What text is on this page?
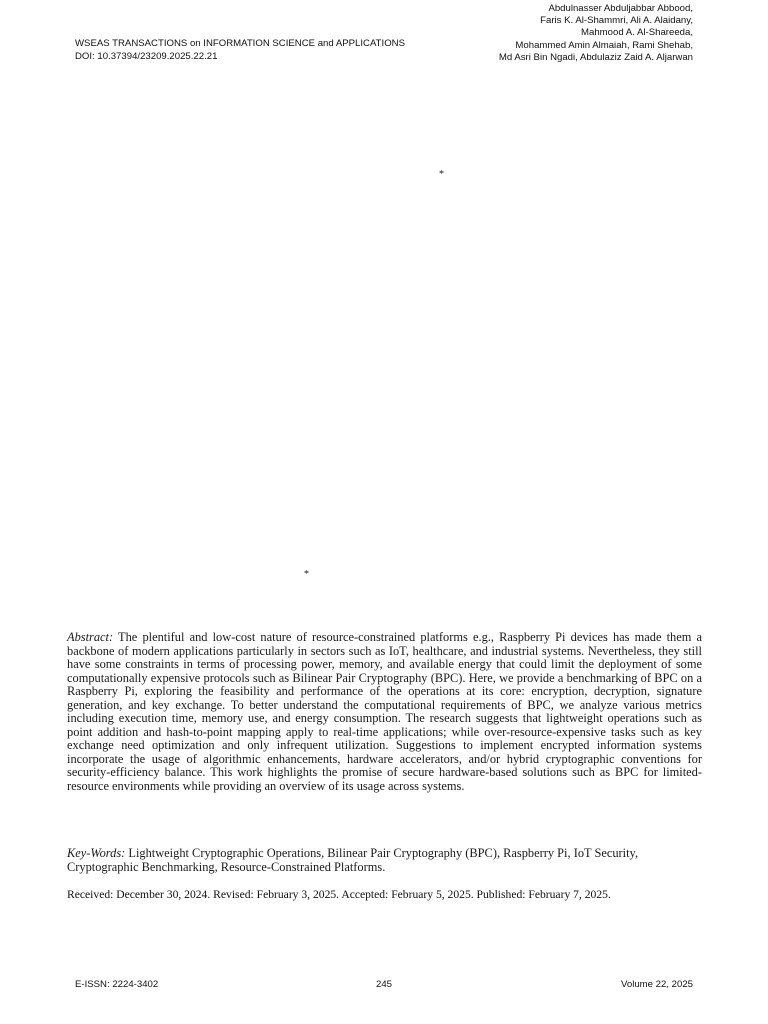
WSEAS TRANSACTIONS on INFORMATION SCIENCE and APPLICATIONS
DOI: 10.37394/23209.2025.22.21
Abdulnasser Abduljabbar Abbood,
Faris K. Al-Shammri, Ali A. Alaidany,
Mahmood A. Al-Shareeda,
Mohammed Amin Almaiah, Rami Shehab,
Md Asri Bin Ngadi, Abdulaziz Zaid A. Aljarwan
*
*

Abstract: The plentiful and low-cost nature of resource-constrained platforms e.g., Raspberry Pi devices has made them a backbone of modern applications particularly in sectors such as IoT, healthcare, and industrial systems. Nevertheless, they still have some constraints in terms of processing power, memory, and available energy that could limit the deployment of some computationally expensive protocols such as Bilinear Pair Cryptography (BPC). Here, we provide a benchmarking of BPC on a Raspberry Pi, exploring the feasibility and performance of the operations at its core: encryption, decryption, signature generation, and key exchange. To better understand the computational requirements of BPC, we analyze various metrics including execution time, memory use, and energy consumption. The research suggests that lightweight operations such as point addition and hash-to-point mapping apply to real-time applications; while over-resource-expensive tasks such as key exchange need optimization and only infrequent utilization. Suggestions to implement encrypted information systems incorporate the usage of algorithmic enhancements, hardware accelerators, and/or hybrid cryptographic conventions for security-efficiency balance. This work highlights the promise of secure hardware-based solutions such as BPC for limited-resource environments while providing an overview of its usage across systems.

Key-Words: Lightweight Cryptographic Operations, Bilinear Pair Cryptography (BPC), Raspberry Pi, IoT Security, Cryptographic Benchmarking, Resource-Constrained Platforms.

Received: December 30, 2024. Revised: February 3, 2025. Accepted: February 5, 2025. Published: February 7, 2025.
E-ISSN: 2224-3402	245	Volume 22, 2025
